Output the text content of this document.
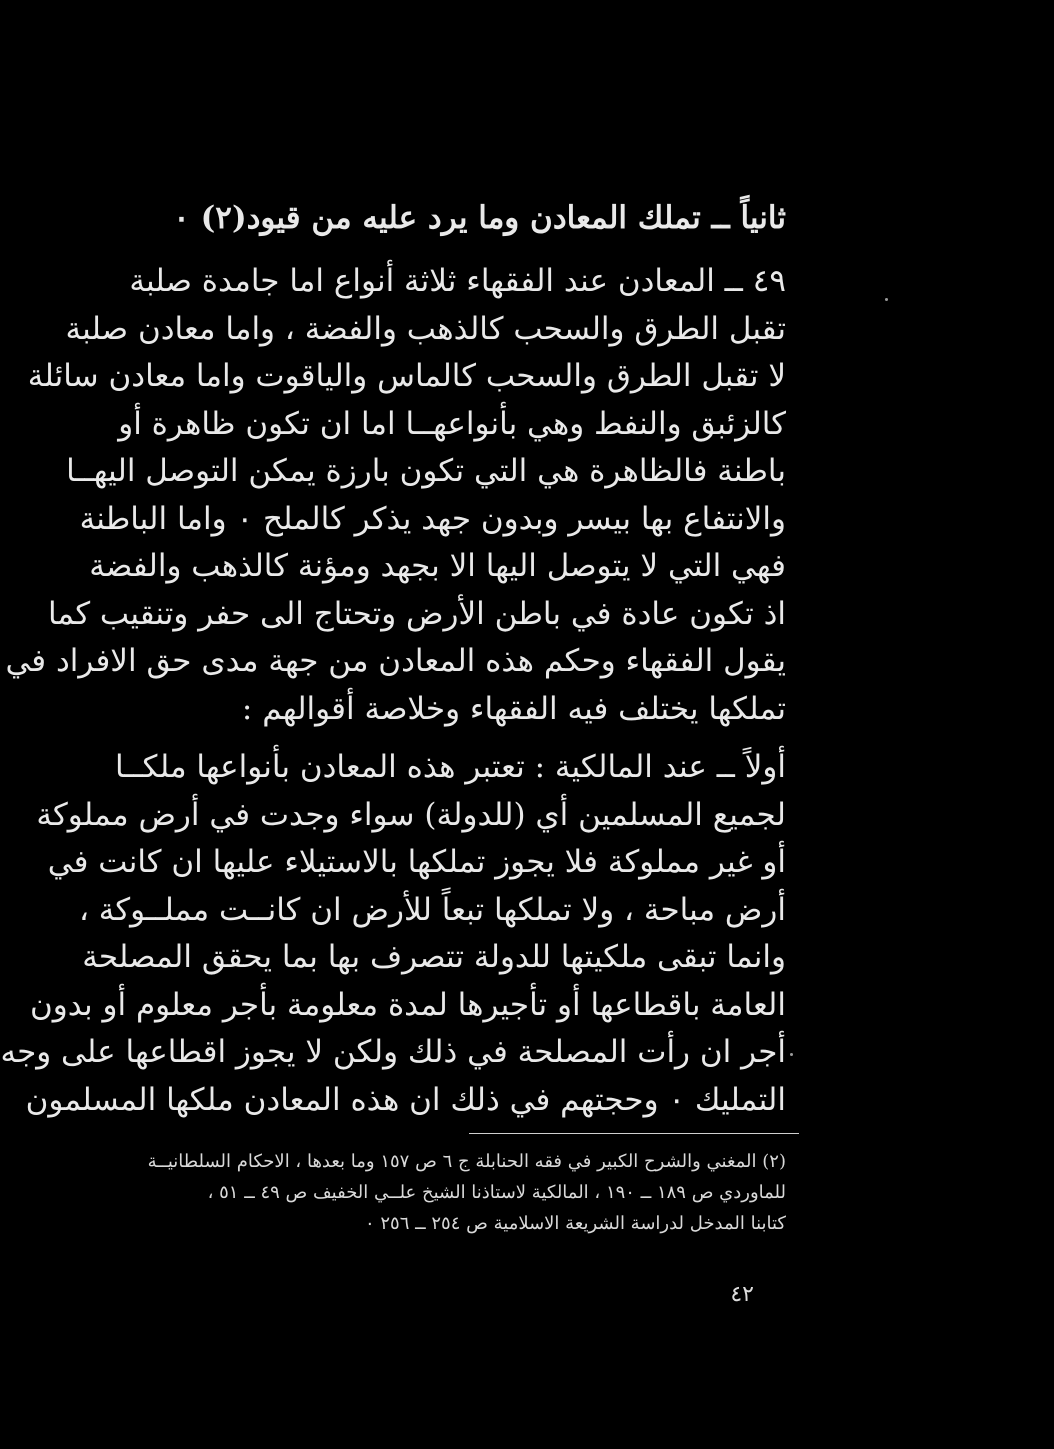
ثانياً ــ تملك المعادن وما يرد عليه من قيود(٢) ٠
٤٩ ــ المعادن عند الفقهاء ثلاثة أنواع اما جامدة صلبة
تقبل الطرق والسحب كالذهب والفضة ، واما معادن صلبة
لا تقبل الطرق والسحب كالماس والياقوت واما معادن سائلة
كالزئبق والنفط وهي بأنواعهــا اما ان تكون ظاهرة أو
باطنة فالظاهرة هي التي تكون بارزة يمكن التوصل اليهــا
والانتفاع بها بيسر وبدون جهد يذكر كالملح ٠ واما الباطنة
فهي التي لا يتوصل اليها الا بجهد ومؤنة كالذهب والفضة
اذ تكون عادة في باطن الأرض وتحتاج الى حفر وتنقيب كما
يقول الفقهاء وحكم هذه المعادن من جهة مدى حق الافراد في
تملكها يختلف فيه الفقهاء وخلاصة أقوالهم :
أولاً ــ عند المالكية : تعتبر هذه المعادن بأنواعها ملكــا
لجميع المسلمين أي (للدولة) سواء وجدت في أرض مملوكة
أو غير مملوكة فلا يجوز تملكها بالاستيلاء عليها ان كانت في
أرض مباحة ، ولا تملكها تبعاً للأرض ان كانــت مملــوكة ،
وانما تبقى ملكيتها للدولة تتصرف بها بما يحقق المصلحة
العامة باقطاعها أو تأجيرها لمدة معلومة بأجر معلوم أو بدون
أجر ان رأت المصلحة في ذلك ولكن لا يجوز اقطاعها على وجه
التمليك ٠ وحجتهم في ذلك ان هذه المعادن ملكها المسلمون
(٢) المغني والشرح الكبير في فقه الحنابلة ج ٦ ص ١٥٧ وما بعدها ، الاحكام السلطانيــة
للماوردي ص ١٨٩ ــ ١٩٠ ، المالكية لاستاذنا الشيخ علــي الخفيف ص ٤٩ ــ ٥١ ،
كتابنا المدخل لدراسة الشريعة الاسلامية ص ٢٥٤ ــ ٢٥٦ ٠
٤٢
